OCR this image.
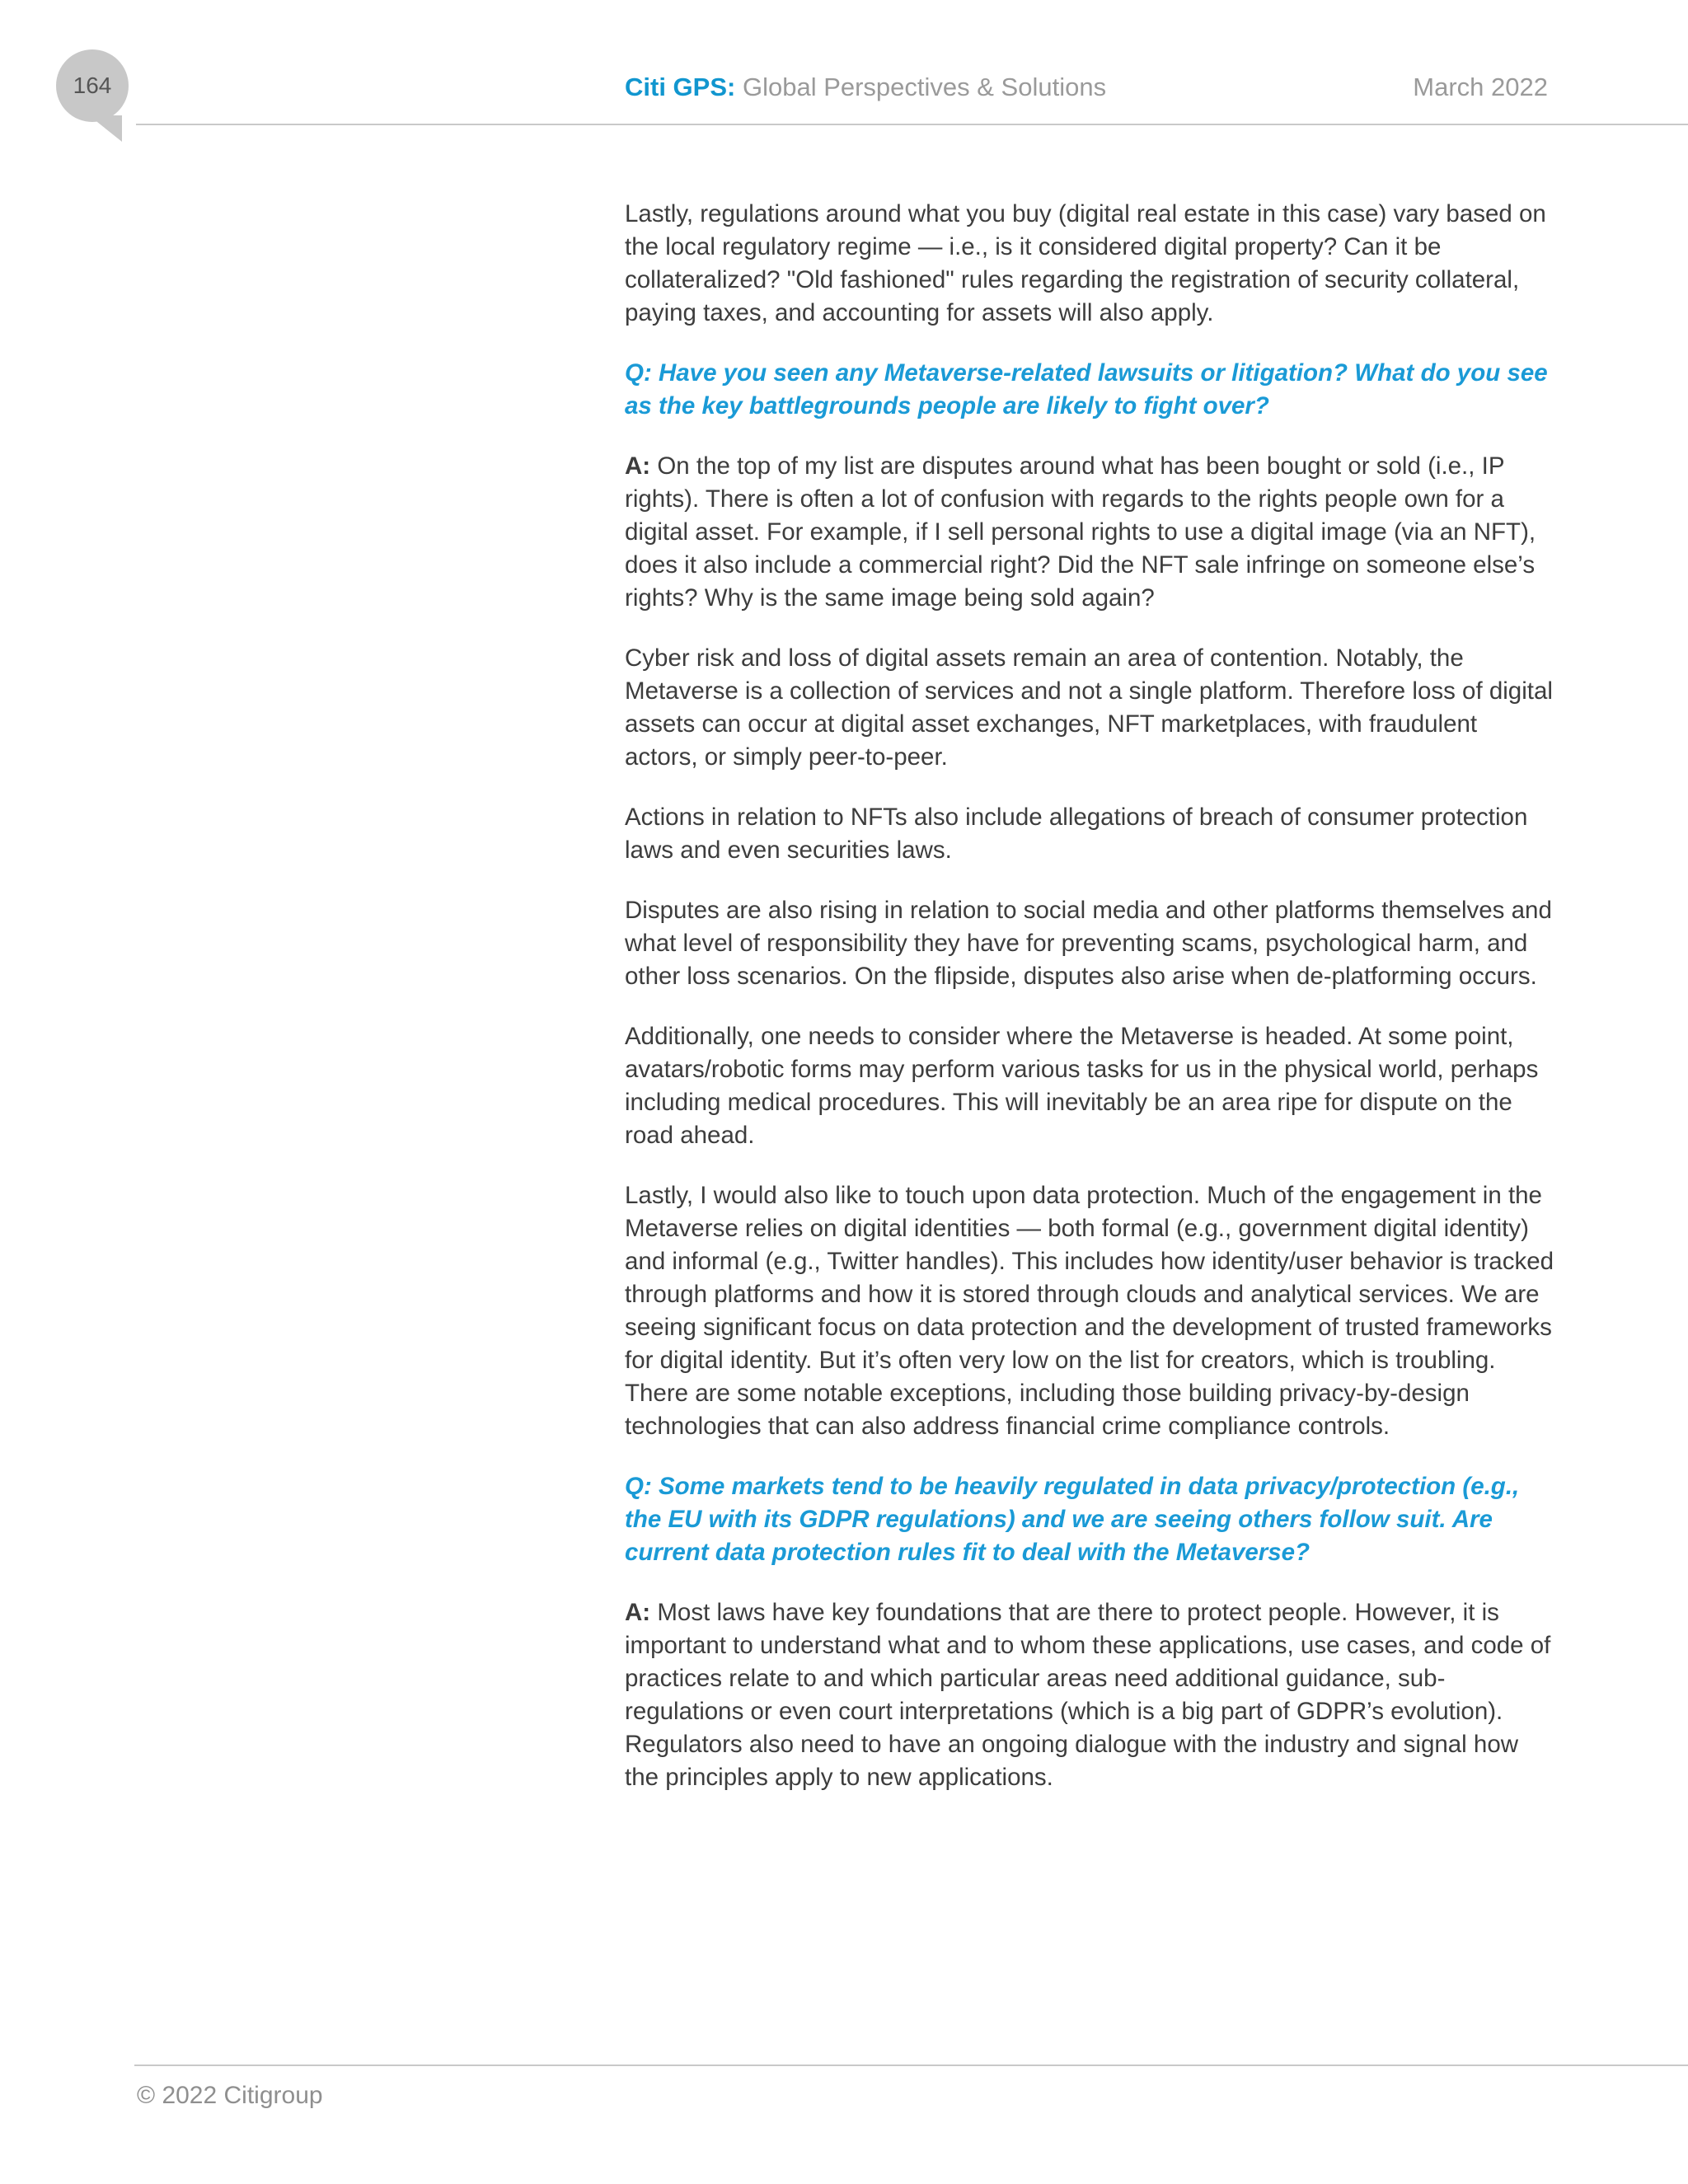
164	Citi GPS: Global Perspectives & Solutions	March 2022

Lastly, regulations around what you buy (digital real estate in this case) vary based on the local regulatory regime — i.e., is it considered digital property? Can it be collateralized? "Old fashioned" rules regarding the registration of security collateral, paying taxes, and accounting for assets will also apply.

Q: Have you seen any Metaverse-related lawsuits or litigation? What do you see as the key battlegrounds people are likely to fight over?

A: On the top of my list are disputes around what has been bought or sold (i.e., IP rights). There is often a lot of confusion with regards to the rights people own for a digital asset. For example, if I sell personal rights to use a digital image (via an NFT), does it also include a commercial right? Did the NFT sale infringe on someone else’s rights? Why is the same image being sold again?

Cyber risk and loss of digital assets remain an area of contention. Notably, the Metaverse is a collection of services and not a single platform. Therefore loss of digital assets can occur at digital asset exchanges, NFT marketplaces, with fraudulent actors, or simply peer-to-peer.

Actions in relation to NFTs also include allegations of breach of consumer protection laws and even securities laws.

Disputes are also rising in relation to social media and other platforms themselves and what level of responsibility they have for preventing scams, psychological harm, and other loss scenarios. On the flipside, disputes also arise when de-platforming occurs.

Additionally, one needs to consider where the Metaverse is headed. At some point, avatars/robotic forms may perform various tasks for us in the physical world, perhaps including medical procedures. This will inevitably be an area ripe for dispute on the road ahead.

Lastly, I would also like to touch upon data protection. Much of the engagement in the Metaverse relies on digital identities — both formal (e.g., government digital identity) and informal (e.g., Twitter handles). This includes how identity/user behavior is tracked through platforms and how it is stored through clouds and analytical services. We are seeing significant focus on data protection and the development of trusted frameworks for digital identity. But it’s often very low on the list for creators, which is troubling. There are some notable exceptions, including those building privacy-by-design technologies that can also address financial crime compliance controls.

Q: Some markets tend to be heavily regulated in data privacy/protection (e.g., the EU with its GDPR regulations) and we are seeing others follow suit. Are current data protection rules fit to deal with the Metaverse?

A: Most laws have key foundations that are there to protect people. However, it is important to understand what and to whom these applications, use cases, and code of practices relate to and which particular areas need additional guidance, sub-regulations or even court interpretations (which is a big part of GDPR’s evolution). Regulators also need to have an ongoing dialogue with the industry and signal how the principles apply to new applications.

© 2022 Citigroup
